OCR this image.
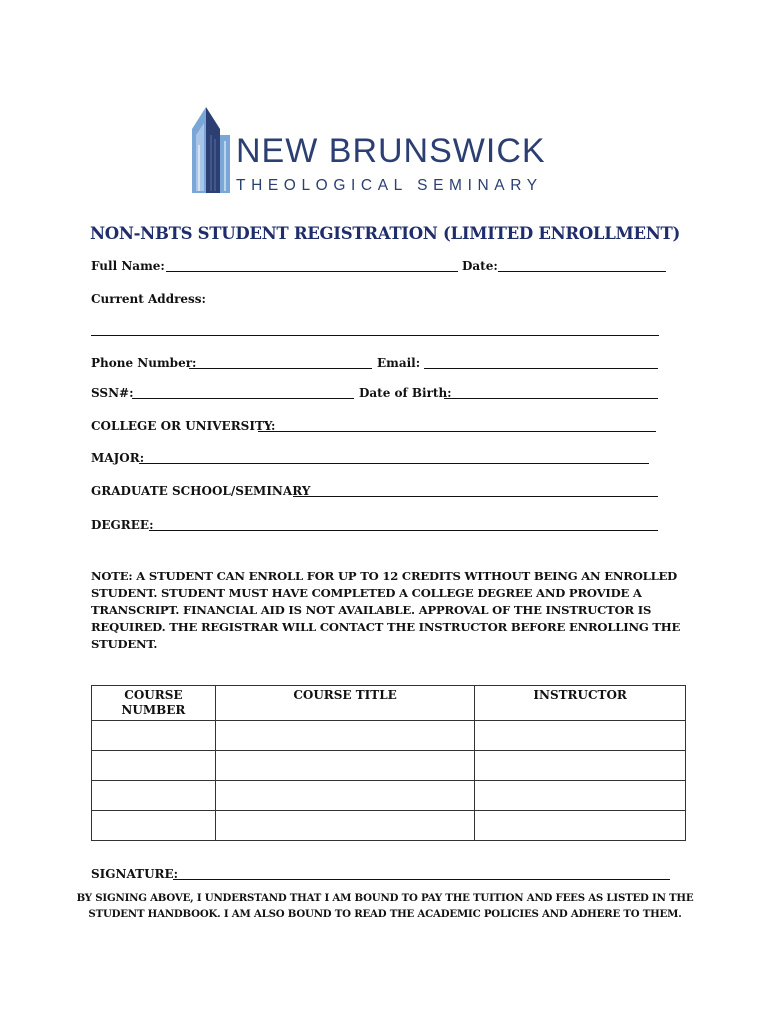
NEW BRUNSWICK
THEOLOGICAL SEMINARY
NON-NBTS STUDENT REGISTRATION (LIMITED ENROLLMENT)
Full Name:	Date:
Current Address:
Phone Number:	Email:
SSN#:	Date of Birth:
COLLEGE OR UNIVERSITY:
MAJOR:
GRADUATE SCHOOL/SEMINARY
DEGREE:
NOTE: A STUDENT CAN ENROLL FOR UP TO 12 CREDITS WITHOUT BEING AN ENROLLED
STUDENT. STUDENT MUST HAVE COMPLETED A COLLEGE DEGREE AND PROVIDE A
TRANSCRIPT. FINANCIAL AID IS NOT AVAILABLE. APPROVAL OF THE INSTRUCTOR IS
REQUIRED. THE REGISTRAR WILL CONTACT THE INSTRUCTOR BEFORE ENROLLING THE
STUDENT.
COURSE NUMBER	COURSE TITLE	INSTRUCTOR

SIGNATURE:
BY SIGNING ABOVE, I UNDERSTAND THAT I AM BOUND TO PAY THE TUITION AND FEES AS LISTED IN THE
STUDENT HANDBOOK. I AM ALSO BOUND TO READ THE ACADEMIC POLICIES AND ADHERE TO THEM.
